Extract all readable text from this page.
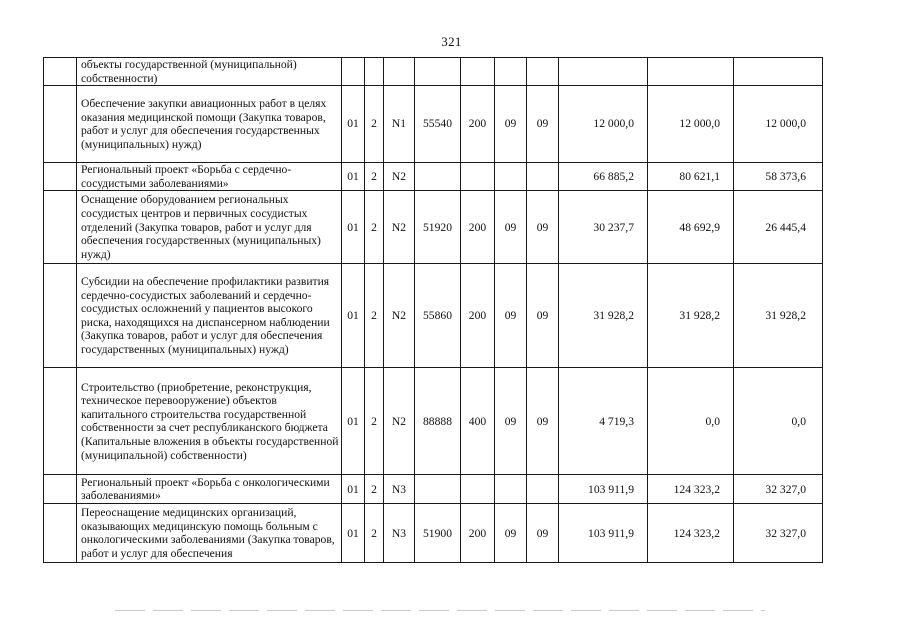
321
	объекты государственной (муниципальной) собственности)										
	Обеспечение закупки авиационных работ в целях оказания медицинской помощи (Закупка товаров, работ и услуг для обеспечения государственных (муниципальных) нужд)	01	2	N1	55540	200	09	09	12 000,0	12 000,0	12 000,0
	Региональный проект «Борьба с сердечно-сосудистыми заболеваниями»	01	2	N2					66 885,2	80 621,1	58 373,6
	Оснащение оборудованием региональных сосудистых центров и первичных сосудистых отделений (Закупка товаров, работ и услуг для обеспечения государственных (муниципальных) нужд)	01	2	N2	51920	200	09	09	30 237,7	48 692,9	26 445,4
	Субсидии на обеспечение профилактики развития сердечно-сосудистых заболеваний и сердечно-сосудистых осложнений у пациентов высокого риска, находящихся на диспансерном наблюдении (Закупка товаров, работ и услуг для обеспечения государственных (муниципальных) нужд)	01	2	N2	55860	200	09	09	31 928,2	31 928,2	31 928,2
	Строительство (приобретение, реконструкция, техническое перевооружение) объектов капитального строительства государственной собственности за счет республиканского бюджета (Капитальные вложения в объекты государственной (муниципальной) собственности)	01	2	N2	88888	400	09	09	4 719,3	0,0	0,0
	Региональный проект «Борьба с онкологическими заболеваниями»	01	2	N3					103 911,9	124 323,2	32 327,0
	Переоснащение медицинских организаций, оказывающих медицинскую помощь больным с онкологическими заболеваниями (Закупка товаров, работ и услуг для обеспечения	01	2	N3	51900	200	09	09	103 911,9	124 323,2	32 327,0
